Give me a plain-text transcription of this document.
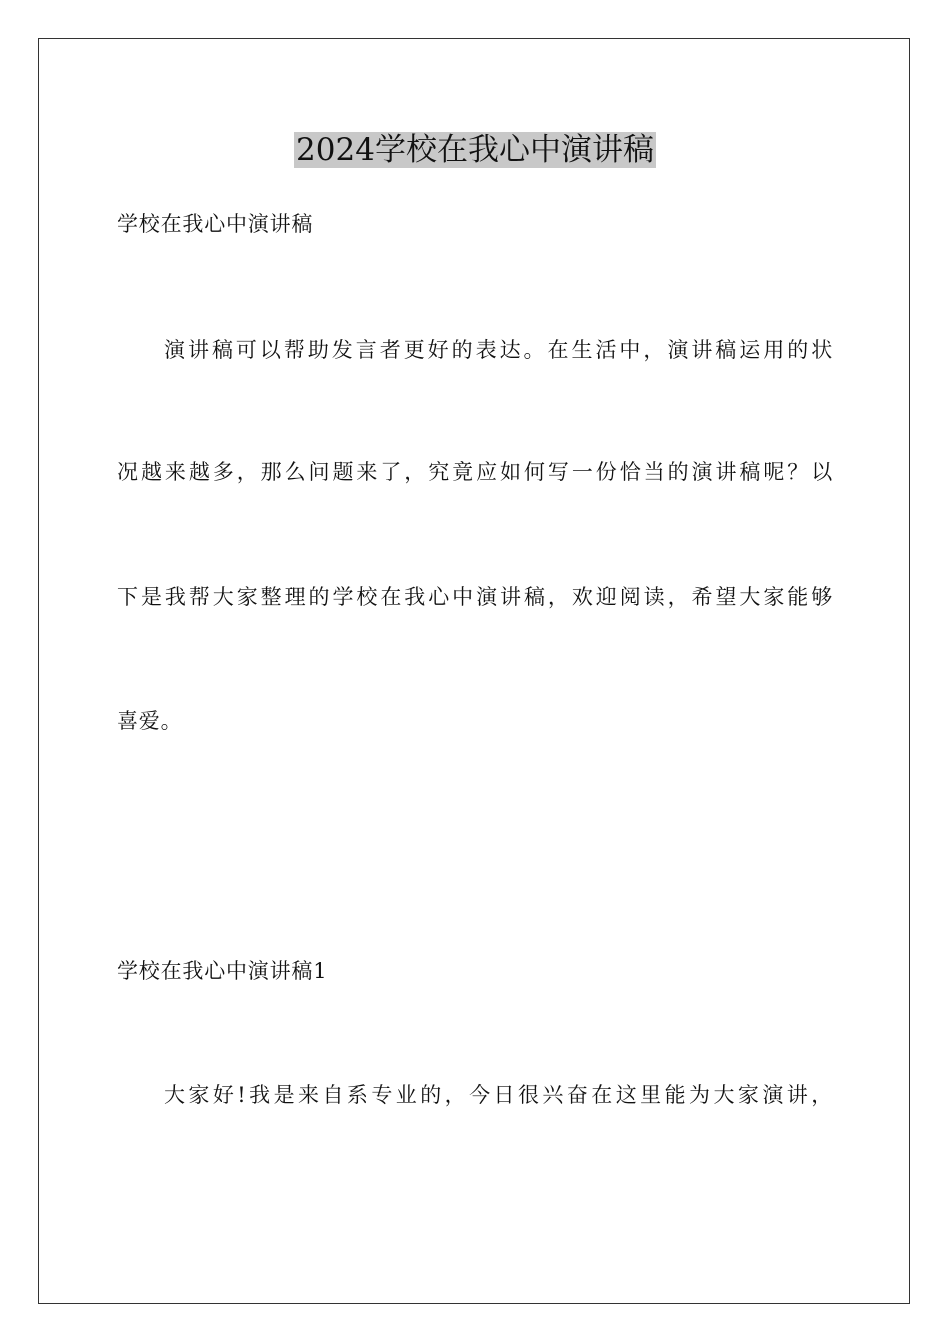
2024学校在我心中演讲稿

学校在我心中演讲稿

演讲稿可以帮助发言者更好的表达。在生活中，演讲稿运用的状

况越来越多，那么问题来了，究竟应如何写一份恰当的演讲稿呢？以

下是我帮大家整理的学校在我心中演讲稿，欢迎阅读，希望大家能够

喜爱。

学校在我心中演讲稿1

大家好!我是来自系专业的，今日很兴奋在这里能为大家演讲，
